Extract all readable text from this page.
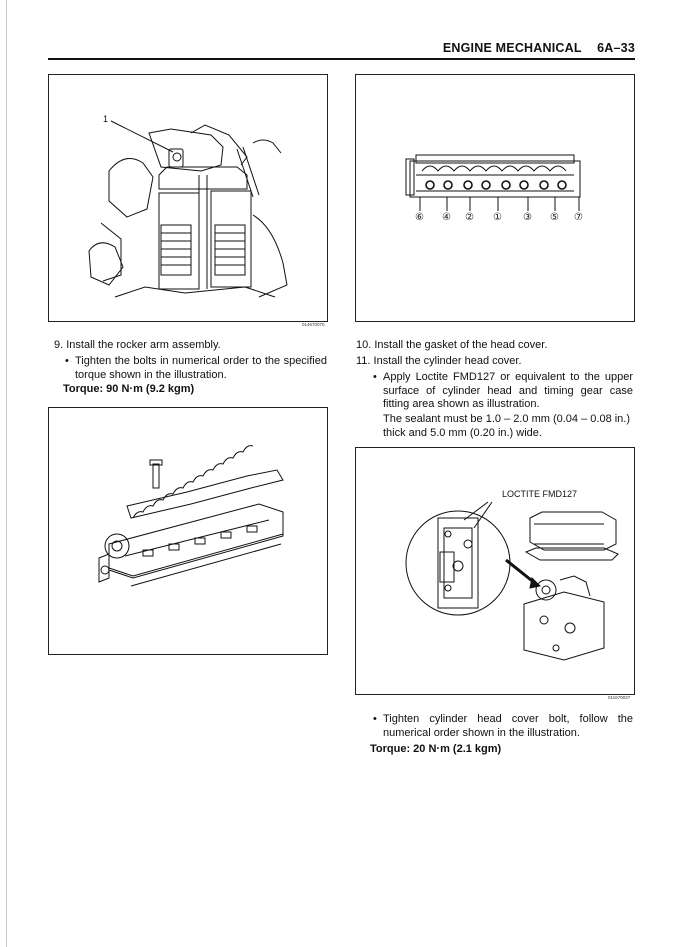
ENGINE MECHANICAL 6A–33
1
014670070
⑥ ④ ② ① ③ ⑤ ⑦
9. Install the rocker arm assembly.
• Tighten the bolts in numerical order to the specified torque shown in the illustration.
Torque: 90 N·m (9.2 kgm)
10. Install the gasket of the head cover.
11. Install the cylinder head cover.
• Apply Loctite FMD127 or equivalent to the upper surface of cylinder head and timing gear case fitting area shown as illustration.
The sealant must be 1.0 – 2.0 mm (0.04 – 0.08 in.) thick and 5.0 mm (0.20 in.) wide.
LOCTITE FMD127
011670037
• Tighten cylinder head cover bolt, follow the numerical order shown in the illustration.
Torque: 20 N·m (2.1 kgm)
